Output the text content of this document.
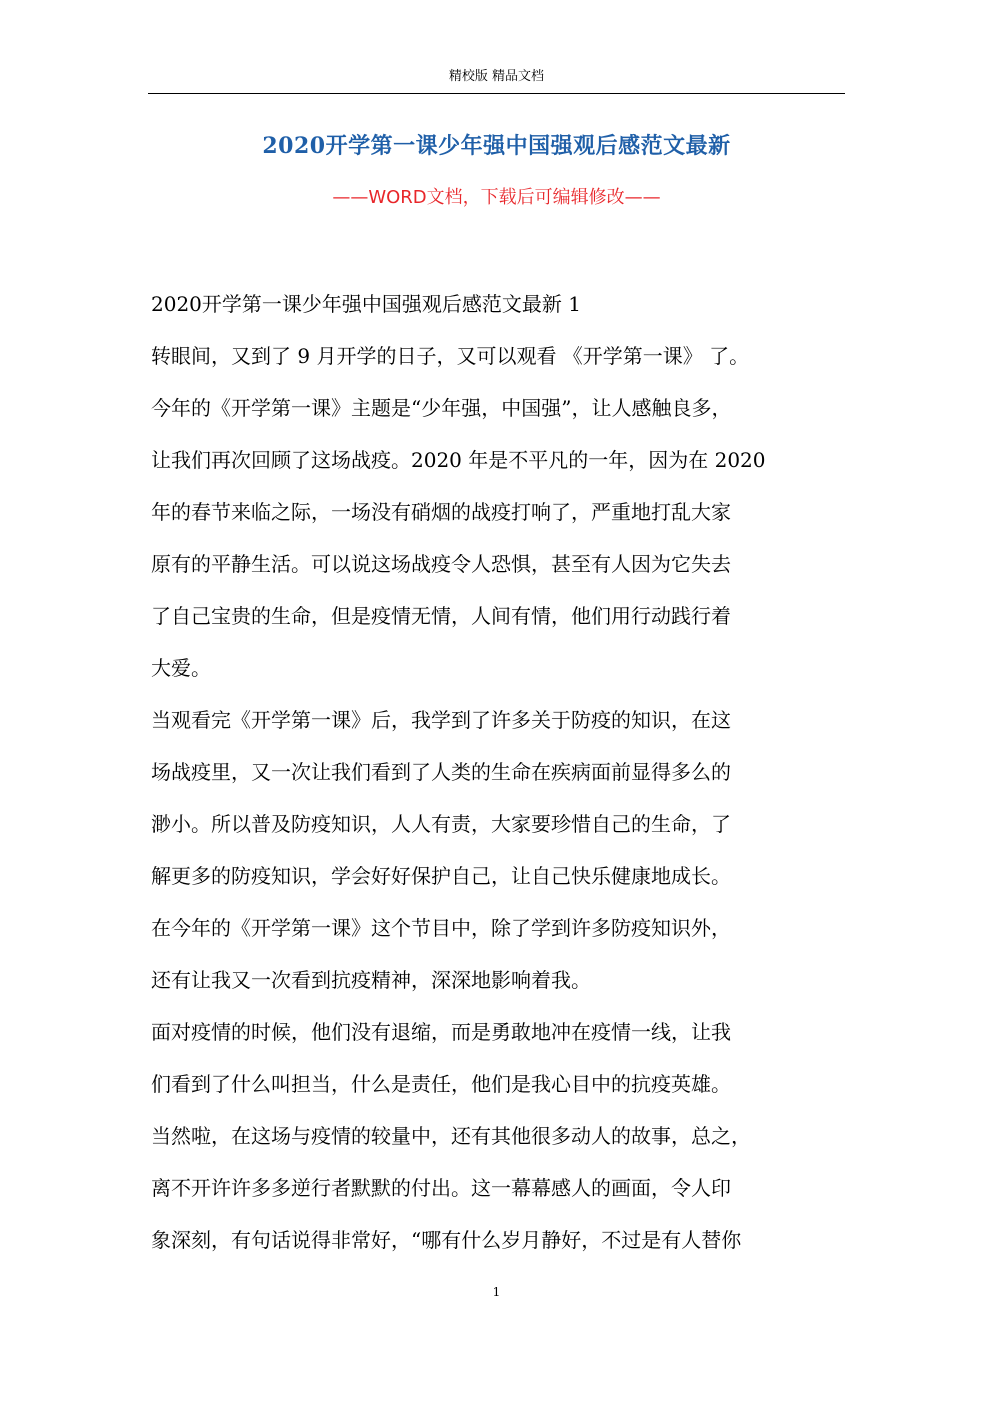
精校版 精品文档
2020开学第一课少年强中国强观后感范文最新
——WORD文档，下载后可编辑修改——
2020开学第一课少年强中国强观后感范文最新 1
转眼间，又到了 9 月开学的日子，又可以观看 《开学第一课》 了。
今年的《开学第一课》主题是“少年强，中国强”，让人感触良多，
让我们再次回顾了这场战疫。2020 年是不平凡的一年，因为在 2020
年的春节来临之际，一场没有硝烟的战疫打响了，严重地打乱大家
原有的平静生活。可以说这场战疫令人恐惧，甚至有人因为它失去
了自己宝贵的生命，但是疫情无情，人间有情，他们用行动践行着
大爱。
当观看完《开学第一课》后，我学到了许多关于防疫的知识，在这
场战疫里，又一次让我们看到了人类的生命在疾病面前显得多么的
渺小。所以普及防疫知识，人人有责，大家要珍惜自己的生命，了
解更多的防疫知识，学会好好保护自己，让自己快乐健康地成长。
在今年的《开学第一课》这个节目中，除了学到许多防疫知识外，
还有让我又一次看到抗疫精神，深深地影响着我。
面对疫情的时候，他们没有退缩，而是勇敢地冲在疫情一线，让我
们看到了什么叫担当，什么是责任，他们是我心目中的抗疫英雄。
当然啦，在这场与疫情的较量中，还有其他很多动人的故事，总之，
离不开许许多多逆行者默默的付出。这一幕幕感人的画面，令人印
象深刻，有句话说得非常好，“哪有什么岁月静好，不过是有人替你
1
